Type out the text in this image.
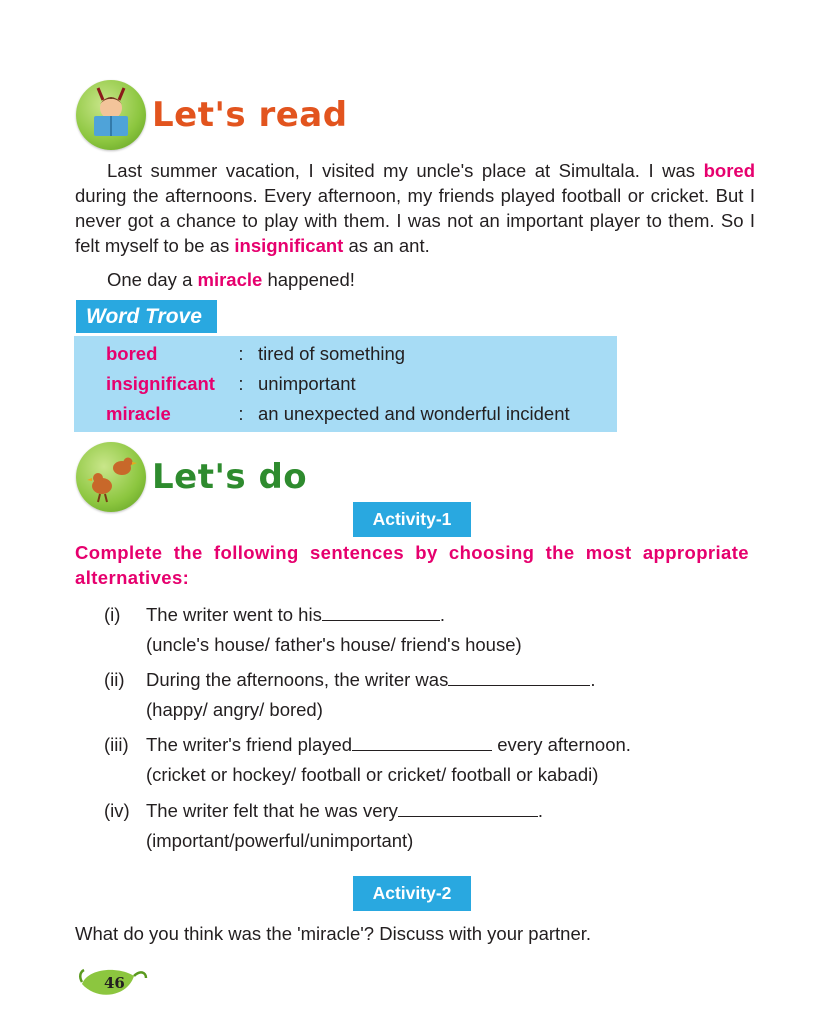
Let's read
Last summer vacation, I visited my uncle's place at Simultala. I was bored during the afternoons. Every afternoon, my friends played football or cricket. But I never got a chance to play with them. I was not an important player to them. So I felt myself to be as insignificant as an ant.
One day a miracle happened!
Word Trove
bored	: tired of something
insignificant	: unimportant
miracle	: an unexpected and wonderful incident
Let's do
Activity-1
Complete the following sentences by choosing the most appropriate alternatives:
(i) The writer went to his	.
(uncle's house/ father's house/ friend's house)
(ii) During the afternoons, the writer was	.
(happy/ angry/ bored)
(iii) The writer's friend played	every afternoon.
(cricket or hockey/ football or cricket/ football or kabadi)
(iv) The writer felt that he was very	.
(important/powerful/unimportant)
Activity-2
What do you think was the 'miracle'? Discuss with your partner.
46
